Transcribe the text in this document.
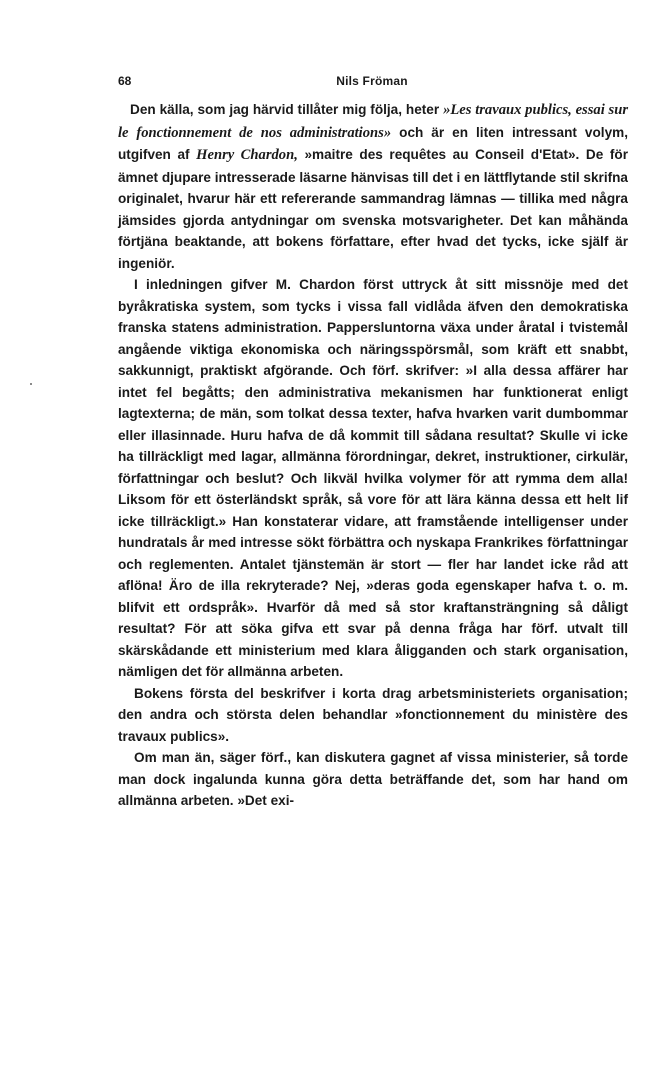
68	Nils Fröman

Den källa, som jag härvid tillåter mig följa, heter »Les travaux publics, essai sur le fonctionnement de nos administrations» och är en liten intressant volym, utgifven af Henry Chardon, »maitre des requêtes au Conseil d'Etat». De för ämnet djupare intresserade läsarne hänvisas till det i en lättflytande stil skrifna originalet, hvarur här ett refererande sammandrag lämnas — tillika med några jämsides gjorda antydningar om svenska motsvarigheter. Det kan måhända förtjäna beaktande, att bokens författare, efter hvad det tycks, icke själf är ingeniör.

I inledningen gifver M. Chardon först uttryck åt sitt missnöje med det byråkratiska system, som tycks i vissa fall vidlåda äfven den demokratiska franska statens administration. Pappersluntorna växa under åratal i tvistemål angående viktiga ekonomiska och näringsspörsmål, som kräft ett snabbt, sakkunnigt, praktiskt afgörande. Och förf. skrifver: »I alla dessa affärer har intet fel begåtts; den administrativa mekanismen har funktionerat enligt lagtexterna; de män, som tolkat dessa texter, hafva hvarken varit dumbommar eller illasinnade. Huru hafva de då kommit till sådana resultat? Skulle vi icke ha tillräckligt med lagar, allmänna förordningar, dekret, instruktioner, cirkulär, författningar och beslut? Och likväl hvilka volymer för att rymma dem alla! Liksom för ett österländskt språk, så vore för att lära känna dessa ett helt lif icke tillräckligt.» Han konstaterar vidare, att framstående intelligenser under hundratals år med intresse sökt förbättra och nyskapa Frankrikes författningar och reglementen. Antalet tjänstemän är stort — fler har landet icke råd att aflöna! Äro de illa rekryterade? Nej, »deras goda egenskaper hafva t. o. m. blifvit ett ordspråk». Hvarför då med så stor kraftansträngning så dåligt resultat? För att söka gifva ett svar på denna fråga har förf. utvalt till skärskådande ett ministerium med klara åligganden och stark organisation, nämligen det för allmänna arbeten.

Bokens första del beskrifver i korta drag arbetsministeriets organisation; den andra och största delen behandlar »fonctionnement du ministère des travaux publics».

Om man än, säger förf., kan diskutera gagnet af vissa ministerier, så torde man dock ingalunda kunna göra detta beträffande det, som har hand om allmänna arbeten. »Det exi-
